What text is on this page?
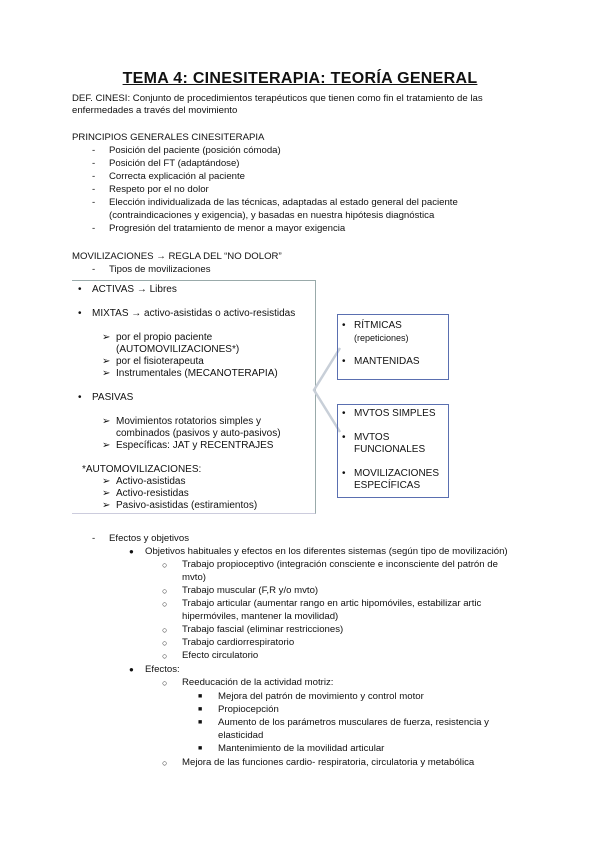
TEMA 4: CINESITERAPIA: TEORÍA GENERAL
DEF. CINESI: Conjunto de procedimientos terapéuticos que tienen como fin el tratamiento de las
enfermedades a través del movimiento
PRINCIPIOS GENERALES CINESITERAPIA
- Posición del paciente (posición cómoda)
- Posición del FT (adaptándose)
- Correcta explicación al paciente
- Respeto por el no dolor
- Elección individualizada de las técnicas, adaptadas al estado general del paciente
(contraindicaciones y exigencia), y basadas en nuestra hipótesis diagnóstica
- Progresión del tratamiento de menor a mayor exigencia
MOVILIZACIONES → REGLA DEL “NO DOLOR”
- Tipos de movilizaciones
• ACTIVAS → Libres
• MIXTAS → activo-asistidas o activo-resistidas
➢ por el propio paciente
(AUTOMOVILIZACIONES*)
➢ por el fisioterapeuta
➢ Instrumentales (MECANOTERAPIA)
• PASIVAS
➢ Movimientos rotatorios simples y
combinados (pasivos y auto-pasivos)
➢ Específicas: JAT y RECENTRAJES
*AUTOMOVILIZACIONES:
➢ Activo-asistidas
➢ Activo-resistidas
➢ Pasivo-asistidas (estiramientos)
• RÍTMICAS
(repeticiones)
• MANTENIDAS
• MVTOS SIMPLES
• MVTOS
FUNCIONALES
• MOVILIZACIONES
ESPECÍFICAS
- Efectos y objetivos
● Objetivos habituales y efectos en los diferentes sistemas (según tipo de movilización)
○ Trabajo propioceptivo (integración consciente e inconsciente del patrón de
mvto)
○ Trabajo muscular (F,R y/o mvto)
○ Trabajo articular (aumentar rango en artic hipomóviles, estabilizar artic
hipermóviles, mantener la movilidad)
○ Trabajo fascial (eliminar restricciones)
○ Trabajo cardiorrespiratorio
○ Efecto circulatorio
● Efectos:
○ Reeducación de la actividad motriz:
■ Mejora del patrón de movimiento y control motor
■ Propiocepción
■ Aumento de los parámetros musculares de fuerza, resistencia y
elasticidad
■ Mantenimiento de la movilidad articular
○ Mejora de las funciones cardio- respiratoria, circulatoria y metabólica
